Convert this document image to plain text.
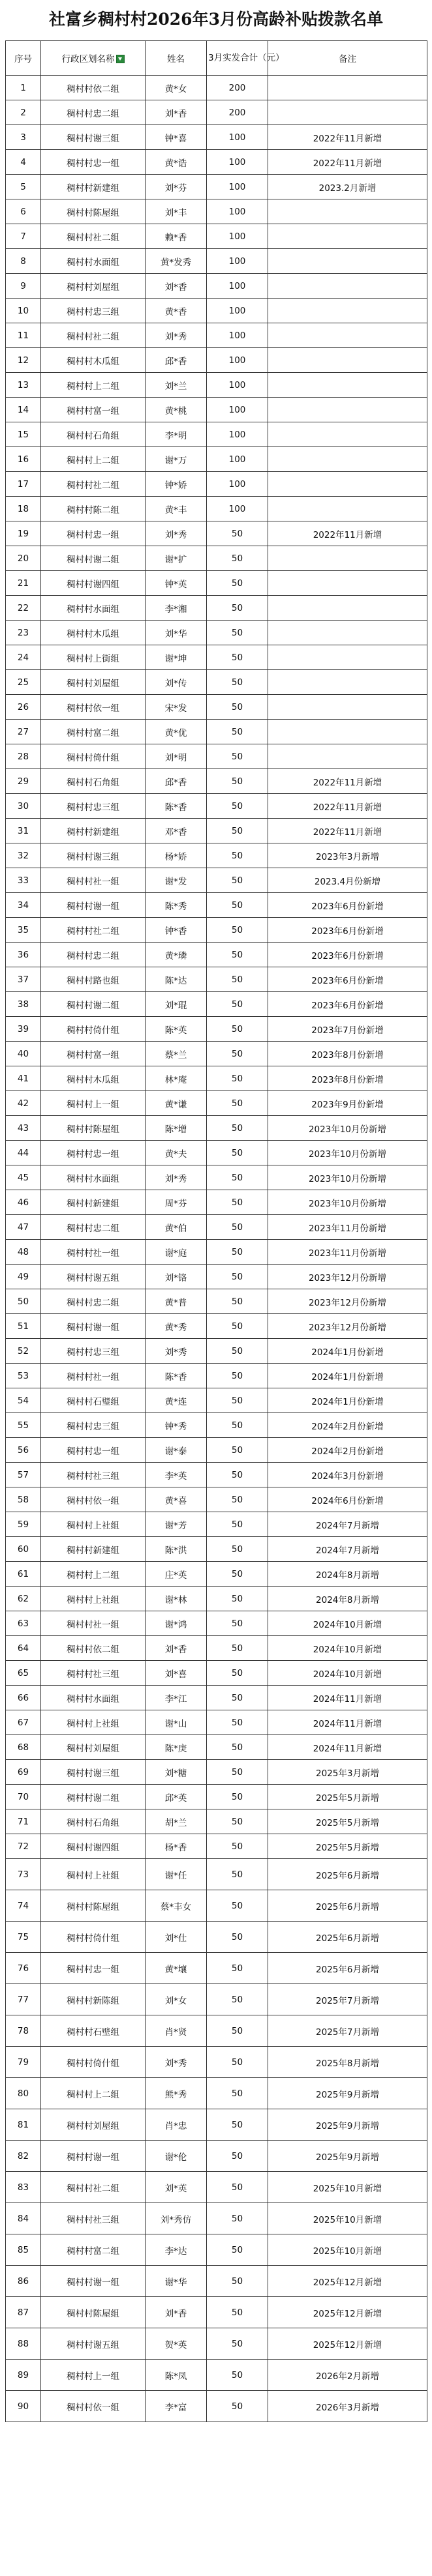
社富乡稠村村2026年3月份高龄补贴拨款名单
序号	行政区划名称	姓名	3月实发合计（元）	备注
1	稠村村依二组	黄*女	200	
2	稠村村忠二组	刘*香	200	
3	稠村村谢三组	钟*喜	100	2022年11月新增
4	稠村村忠一组	黄*诰	100	2022年11月新增
5	稠村村新建组	刘*芬	100	2023.2月新增
6	稠村村陈屋组	刘*丰	100	
7	稠村村社二组	赖*香	100	
8	稠村村水面组	黄*发秀	100	
9	稠村村刘屋组	刘*香	100	
10	稠村村忠三组	黄*香	100	
11	稠村村社二组	刘*秀	100	
12	稠村村木瓜组	邱*香	100	
13	稠村村上二组	刘*兰	100	
14	稠村村富一组	黄*桃	100	
15	稠村村石角组	李*明	100	
16	稠村村上二组	谢*万	100	
17	稠村村社二组	钟*娇	100	
18	稠村村陈二组	黄*丰	100	
19	稠村村忠一组	刘*秀	50	2022年11月新增
20	稠村村谢二组	谢*扩	50	
21	稠村村谢四组	钟*英	50	
22	稠村村水面组	李*湘	50	
23	稠村村木瓜组	刘*华	50	
24	稠村村上街组	谢*坤	50	
25	稠村村刘屋组	刘*传	50	
26	稠村村依一组	宋*发	50	
27	稠村村富二组	黄*优	50	
28	稠村村倚什组	刘*明	50	
29	稠村村石角组	邱*香	50	2022年11月新增
30	稠村村忠三组	陈*香	50	2022年11月新增
31	稠村村新建组	邓*香	50	2022年11月新增
32	稠村村谢三组	杨*娇	50	2023年3月新增
33	稠村村社一组	谢*发	50	2023.4月份新增
34	稠村村谢一组	陈*秀	50	2023年6月份新增
35	稠村村社二组	钟*香	50	2023年6月份新增
36	稠村村忠二组	黄*璘	50	2023年6月份新增
37	稠村村路也组	陈*达	50	2023年6月份新增
38	稠村村谢二组	刘*琨	50	2023年6月份新增
39	稠村村倚什组	陈*英	50	2023年7月份新增
40	稠村村富一组	蔡*兰	50	2023年8月份新增
41	稠村村木瓜组	林*庵	50	2023年8月份新增
42	稠村村上一组	黄*谦	50	2023年9月份新增
43	稠村村陈屋组	陈*增	50	2023年10月份新增
44	稠村村忠一组	黄*夫	50	2023年10月份新增
45	稠村村水面组	刘*秀	50	2023年10月份新增
46	稠村村新建组	周*芬	50	2023年10月份新增
47	稠村村忠二组	黄*伯	50	2023年11月份新增
48	稠村村社一组	谢*庭	50	2023年11月份新增
49	稠村村谢五组	刘*铬	50	2023年12月份新增
50	稠村村忠二组	黄*普	50	2023年12月份新增
51	稠村村谢一组	黄*秀	50	2023年12月份新增
52	稠村村忠三组	刘*秀	50	2024年1月份新增
53	稠村村社一组	陈*香	50	2024年1月份新增
54	稠村村石璧组	黄*连	50	2024年1月份新增
55	稠村村忠三组	钟*秀	50	2024年2月份新增
56	稠村村忠一组	谢*泰	50	2024年2月份新增
57	稠村村社三组	李*英	50	2024年3月份新增
58	稠村村依一组	黄*喜	50	2024年6月份新增
59	稠村村上社组	谢*芳	50	2024年7月新增
60	稠村村新建组	陈*洪	50	2024年7月新增
61	稠村村上二组	庄*英	50	2024年8月新增
62	稠村村上社组	谢*林	50	2024年8月新增
63	稠村村社一组	谢*鸿	50	2024年10月新增
64	稠村村依二组	刘*香	50	2024年10月新增
65	稠村村社三组	刘*喜	50	2024年10月新增
66	稠村村水面组	李*江	50	2024年11月新增
67	稠村村上社组	谢*山	50	2024年11月新增
68	稠村村刘屋组	陈*庚	50	2024年11月新增
69	稠村村谢三组	刘*糖	50	2025年3月新增
70	稠村村谢二组	邱*英	50	2025年5月新增
71	稠村村石角组	胡*兰	50	2025年5月新增
72	稠村村谢四组	杨*香	50	2025年5月新增
73	稠村村上社组	谢*任	50	2025年6月新增
74	稠村村陈屋组	蔡*丰女	50	2025年6月新增
75	稠村村倚什组	刘*仕	50	2025年6月新增
76	稠村村忠一组	黄*壤	50	2025年6月新增
77	稠村村新陈组	刘*女	50	2025年7月新增
78	稠村村石壁组	肖*贤	50	2025年7月新增
79	稠村村倚什组	刘*秀	50	2025年8月新增
80	稠村村上二组	熊*秀	50	2025年9月新增
81	稠村村刘屋组	肖*忠	50	2025年9月新增
82	稠村村谢一组	谢*伦	50	2025年9月新增
83	稠村村社二组	刘*英	50	2025年10月新增
84	稠村村社三组	刘*秀仿	50	2025年10月新增
85	稠村村富二组	李*达	50	2025年10月新增
86	稠村村谢一组	谢*华	50	2025年12月新增
87	稠村村陈屋组	刘*香	50	2025年12月新增
88	稠村村谢五组	贺*英	50	2025年12月新增
89	稠村村上一组	陈*凤	50	2026年2月新增
90	稠村村依一组	李*富	50	2026年3月新增
